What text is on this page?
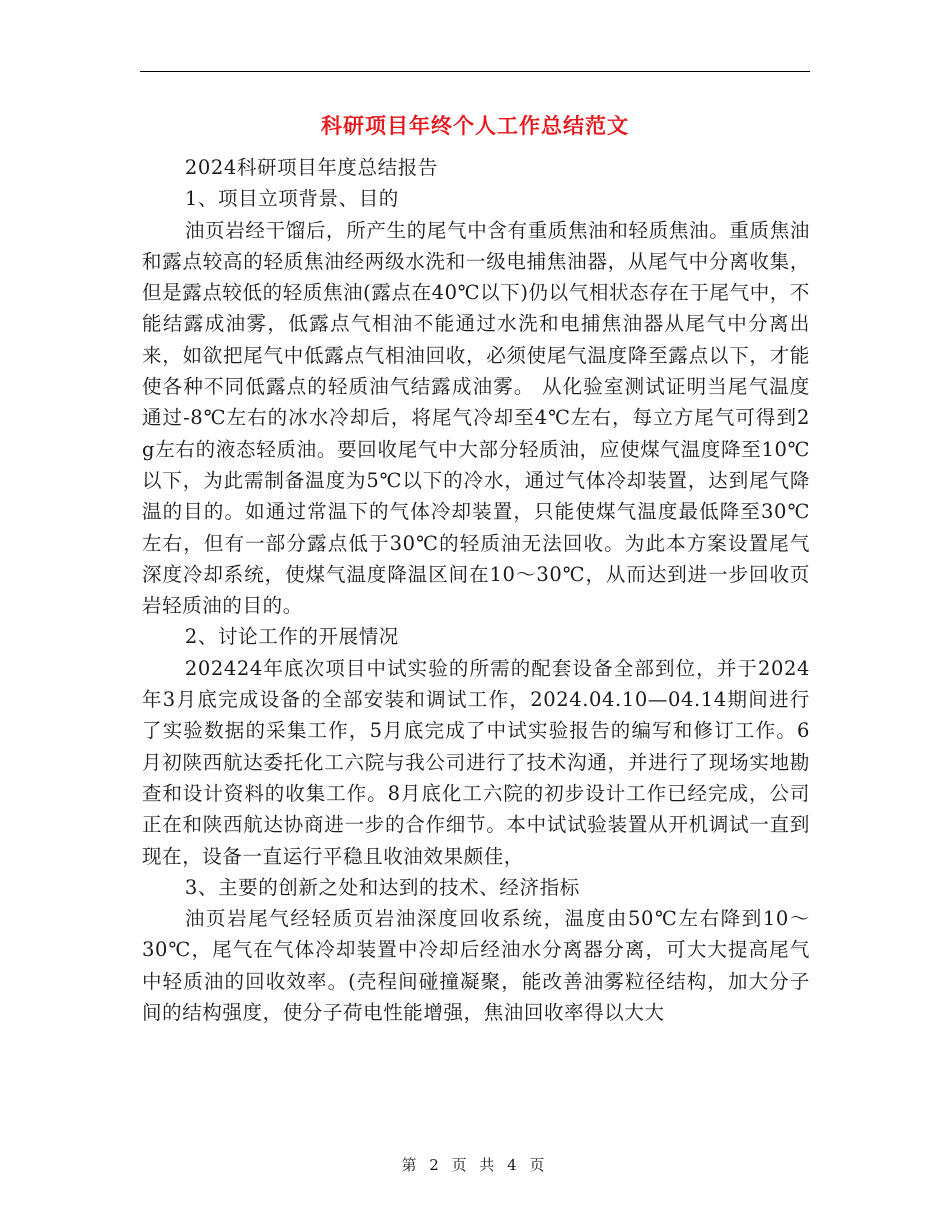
科研项目年终个人工作总结范文

2024科研项目年度总结报告

1、项目立项背景、目的

油页岩经干馏后，所产生的尾气中含有重质焦油和轻质焦油。重质焦油和露点较高的轻质焦油经两级水洗和一级电捕焦油器，从尾气中分离收集，但是露点较低的轻质焦油(露点在40℃以下)仍以气相状态存在于尾气中，不能结露成油雾，低露点气相油不能通过水洗和电捕焦油器从尾气中分离出来，如欲把尾气中低露点气相油回收，必须使尾气温度降至露点以下，才能使各种不同低露点的轻质油气结露成油雾。 从化验室测试证明当尾气温度通过-8℃左右的冰水冷却后，将尾气冷却至4℃左右，每立方尾气可得到2 g左右的液态轻质油。要回收尾气中大部分轻质油，应使煤气温度降至10℃以下，为此需制备温度为5℃以下的冷水，通过气体冷却装置，达到尾气降温的目的。如通过常温下的气体冷却装置，只能使煤气温度最低降至30℃左右，但有一部分露点低于30℃的轻质油无法回收。为此本方案设置尾气深度冷却系统，使煤气温度降温区间在10～30℃，从而达到进一步回收页岩轻质油的目的。

2、讨论工作的开展情况

202424年底次项目中试实验的所需的配套设备全部到位，并于2024年3月底完成设备的全部安装和调试工作，2024.04.10—04.14期间进行了实验数据的采集工作，5月底完成了中试实验报告的编写和修订工作。6月初陕西航达委托化工六院与我公司进行了技术沟通，并进行了现场实地勘查和设计资料的收集工作。8月底化工六院的初步设计工作已经完成，公司正在和陕西航达协商进一步的合作细节。本中试试验装置从开机调试一直到现在，设备一直运行平稳且收油效果颇佳，

3、主要的创新之处和达到的技术、经济指标

油页岩尾气经轻质页岩油深度回收系统，温度由50℃左右降到10～30℃，尾气在气体冷却装置中冷却后经油水分离器分离，可大大提高尾气中轻质油的回收效率。(壳程间碰撞凝聚，能改善油雾粒径结构，加大分子间的结构强度，使分子荷电性能增强，焦油回收率得以大大

第 2 页 共 4 页
